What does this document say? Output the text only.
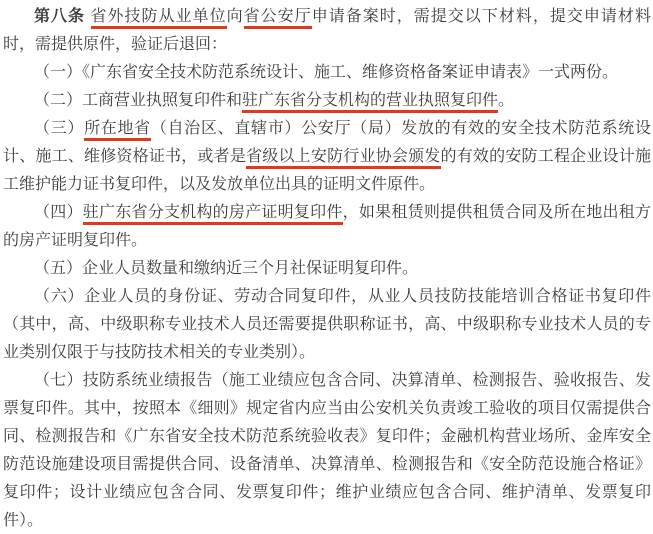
第八条 省外技防从业单位向省公安厅申请备案时，需提交以下材料，提交申请材料
时，需提供原件，验证后退回：
（一）《广东省安全技术防范系统设计、施工、维修资格备案证申请表》一式两份。
（二）工商营业执照复印件和驻广东省分支机构的营业执照复印件。
（三）所在地省（自治区、直辖市）公安厅（局）发放的有效的安全技术防范系统设
计、施工、维修资格证书，或者是省级以上安防行业协会颁发的有效的安防工程企业设计施
工维护能力证书复印件，以及发放单位出具的证明文件原件。
（四）驻广东省分支机构的房产证明复印件，如果租赁则提供租赁合同及所在地出租方
的房产证明复印件。
（五）企业人员数量和缴纳近三个月社保证明复印件。
（六）企业人员的身份证、劳动合同复印件，从业人员技防技能培训合格证书复印件
（其中，高、中级职称专业技术人员还需要提供职称证书，高、中级职称专业技术人员的专
业类别仅限于与技防技术相关的专业类别）。
（七）技防系统业绩报告（施工业绩应包含合同、决算清单、检测报告、验收报告、发
票复印件。其中，按照本《细则》规定省内应当由公安机关负责竣工验收的项目仅需提供合
同、检测报告和《广东省安全技术防范系统验收表》复印件；金融机构营业场所、金库安全
防范设施建设项目需提供合同、设备清单、决算清单、检测报告和《安全防范设施合格证》
复印件；设计业绩应包含合同、发票复印件；维护业绩应包含合同、维护清单、发票复印
件）。
